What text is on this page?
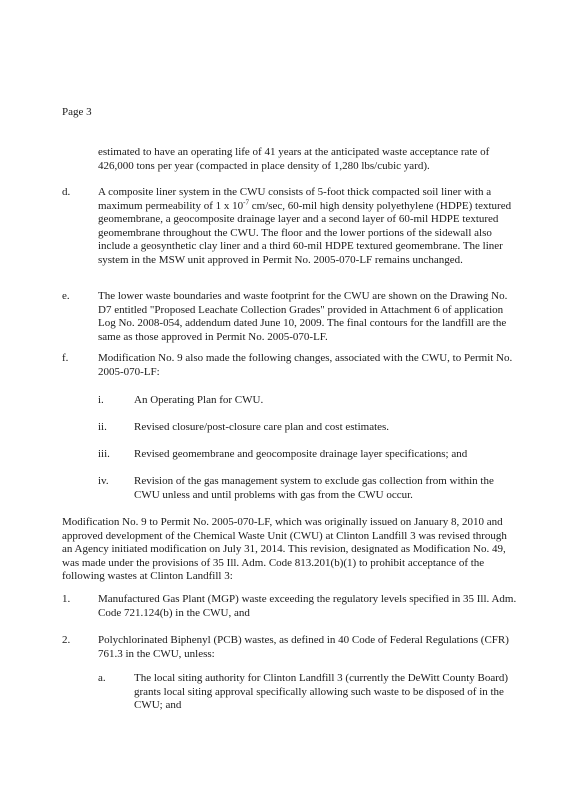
Page 3
estimated to have an operating life of 41 years at the anticipated waste acceptance rate of 426,000 tons per year (compacted in place density of 1,280 lbs/cubic yard).
d.	A composite liner system in the CWU consists of 5-foot thick compacted soil liner with a maximum permeability of 1 x $10^{-7}$ cm/sec, 60-mil high density polyethylene (HDPE) textured geomembrane, a geocomposite drainage layer and a second layer of 60-mil HDPE textured geomembrane throughout the CWU. The floor and the lower portions of the sidewall also include a geosynthetic clay liner and a third 60-mil HDPE textured geomembrane. The liner system in the MSW unit approved in Permit No. 2005-070-LF remains unchanged.
e.	The lower waste boundaries and waste footprint for the CWU are shown on the Drawing No. D7 entitled "Proposed Leachate Collection Grades" provided in Attachment 6 of application Log No. 2008-054, addendum dated June 10, 2009. The final contours for the landfill are the same as those approved in Permit No. 2005-070-LF.
f.	Modification No. 9 also made the following changes, associated with the CWU, to Permit No. 2005-070-LF:
i.	An Operating Plan for CWU.
ii. Revised closure/post-closure care plan and cost estimates.
iii. Revised geomembrane and geocomposite drainage layer specifications; and
iv. Revision of the gas management system to exclude gas collection from within the CWU unless and until problems with gas from the CWU occur.
Modification No. 9 to Permit No. 2005-070-LF, which was originally issued on January 8, 2010 and approved development of the Chemical Waste Unit (CWU) at Clinton Landfill 3 was revised through an Agency initiated modification on July 31, 2014. This revision, designated as Modification No. 49, was made under the provisions of 35 Ill. Adm. Code 813.201(b)(1) to prohibit acceptance of the following wastes at Clinton Landfill 3:
1.	Manufactured Gas Plant (MGP) waste exceeding the regulatory levels specified in 35 Ill. Adm. Code 721.124(b) in the CWU, and
2.	Polychlorinated Biphenyl (PCB) wastes, as defined in 40 Code of Federal Regulations (CFR) 761.3 in the CWU, unless:
a.	The local siting authority for Clinton Landfill 3 (currently the DeWitt County Board) grants local siting approval specifically allowing such waste to be disposed of in the CWU; and
